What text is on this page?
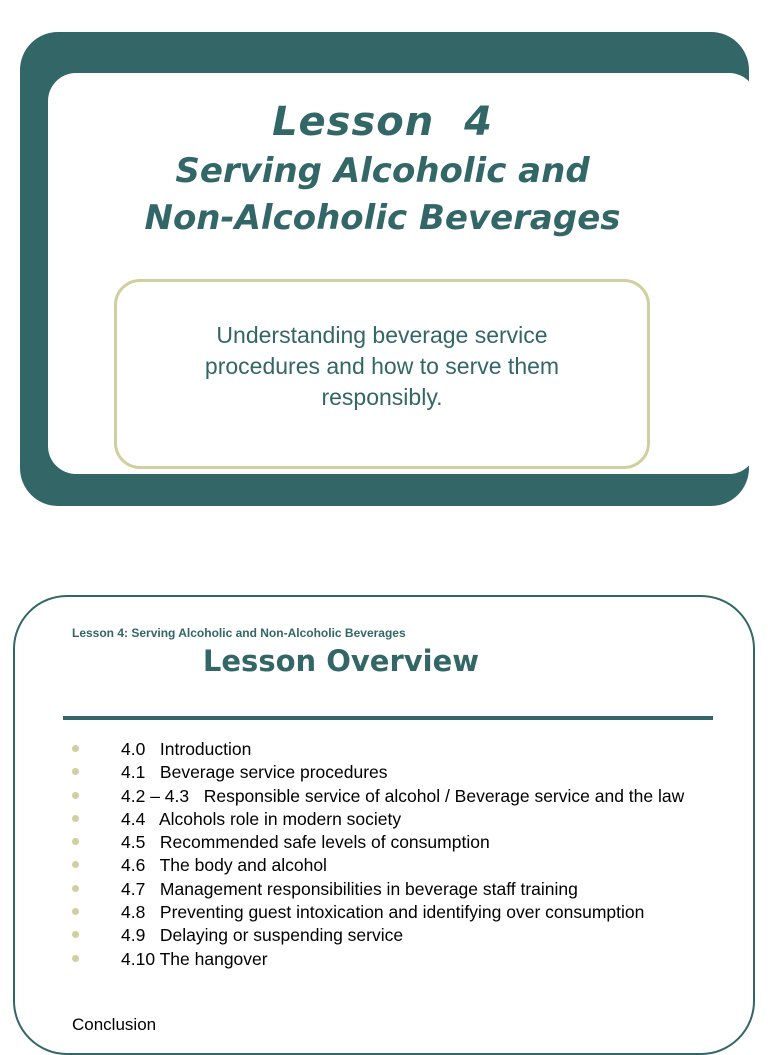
Lesson  4
Serving Alcoholic and
Non-Alcoholic Beverages
Understanding beverage service procedures and how to serve them responsibly.
Lesson 4: Serving Alcoholic and Non-Alcoholic Beverages
Lesson Overview
4.0   Introduction
4.1   Beverage service procedures
4.2 – 4.3   Responsible service of alcohol / Beverage service and the law
4.4   Alcohols role in modern society
4.5   Recommended safe levels of consumption
4.6   The body and alcohol
4.7   Management responsibilities in beverage staff training
4.8   Preventing guest intoxication and identifying over consumption
4.9   Delaying or suspending service
4.10 The hangover
Conclusion
